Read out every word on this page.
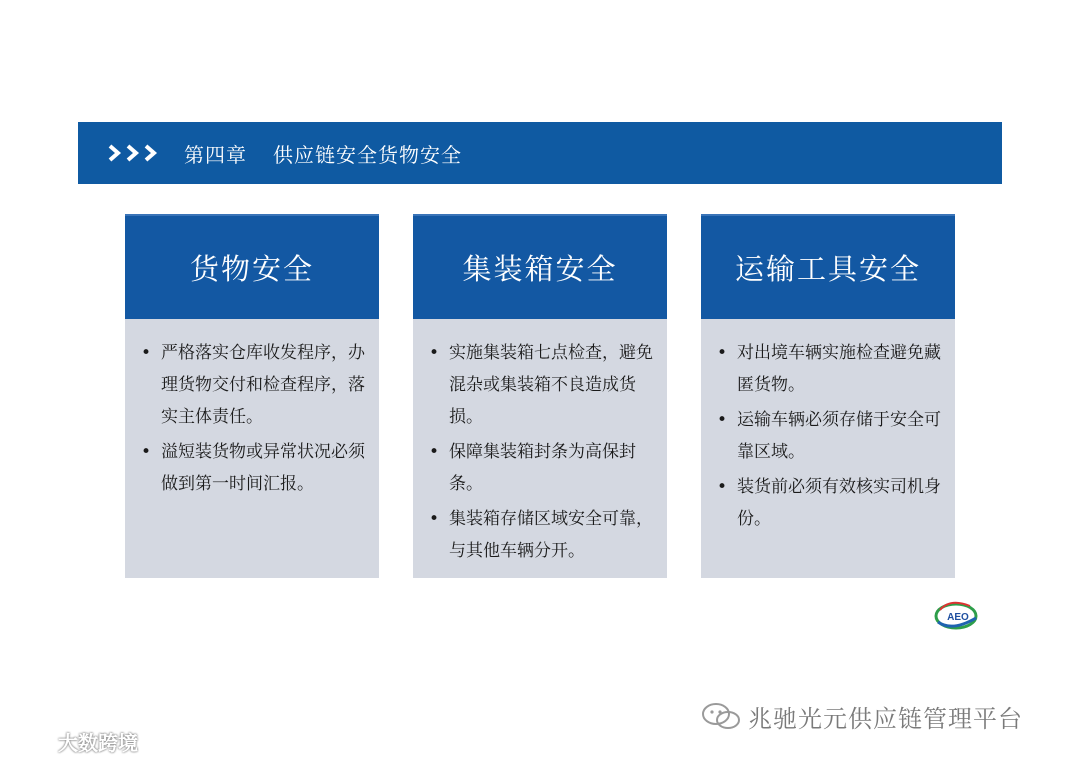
第四章 供应链安全货物安全
货物安全
• 严格落实仓库收发程序，办理货物交付和检查程序，落实主体责任。
• 溢短装货物或异常状况必须做到第一时间汇报。
集装箱安全
• 实施集装箱七点检查，避免混杂或集装箱不良造成货损。
• 保障集装箱封条为高保封条。
• 集装箱存储区域安全可靠，与其他车辆分开。
运输工具安全
• 对出境车辆实施检查避免藏匿货物。
• 运输车辆必须存储于安全可靠区域。
• 装货前必须有效核实司机身份。
AEO
兆驰光元供应链管理平台
大数跨境
